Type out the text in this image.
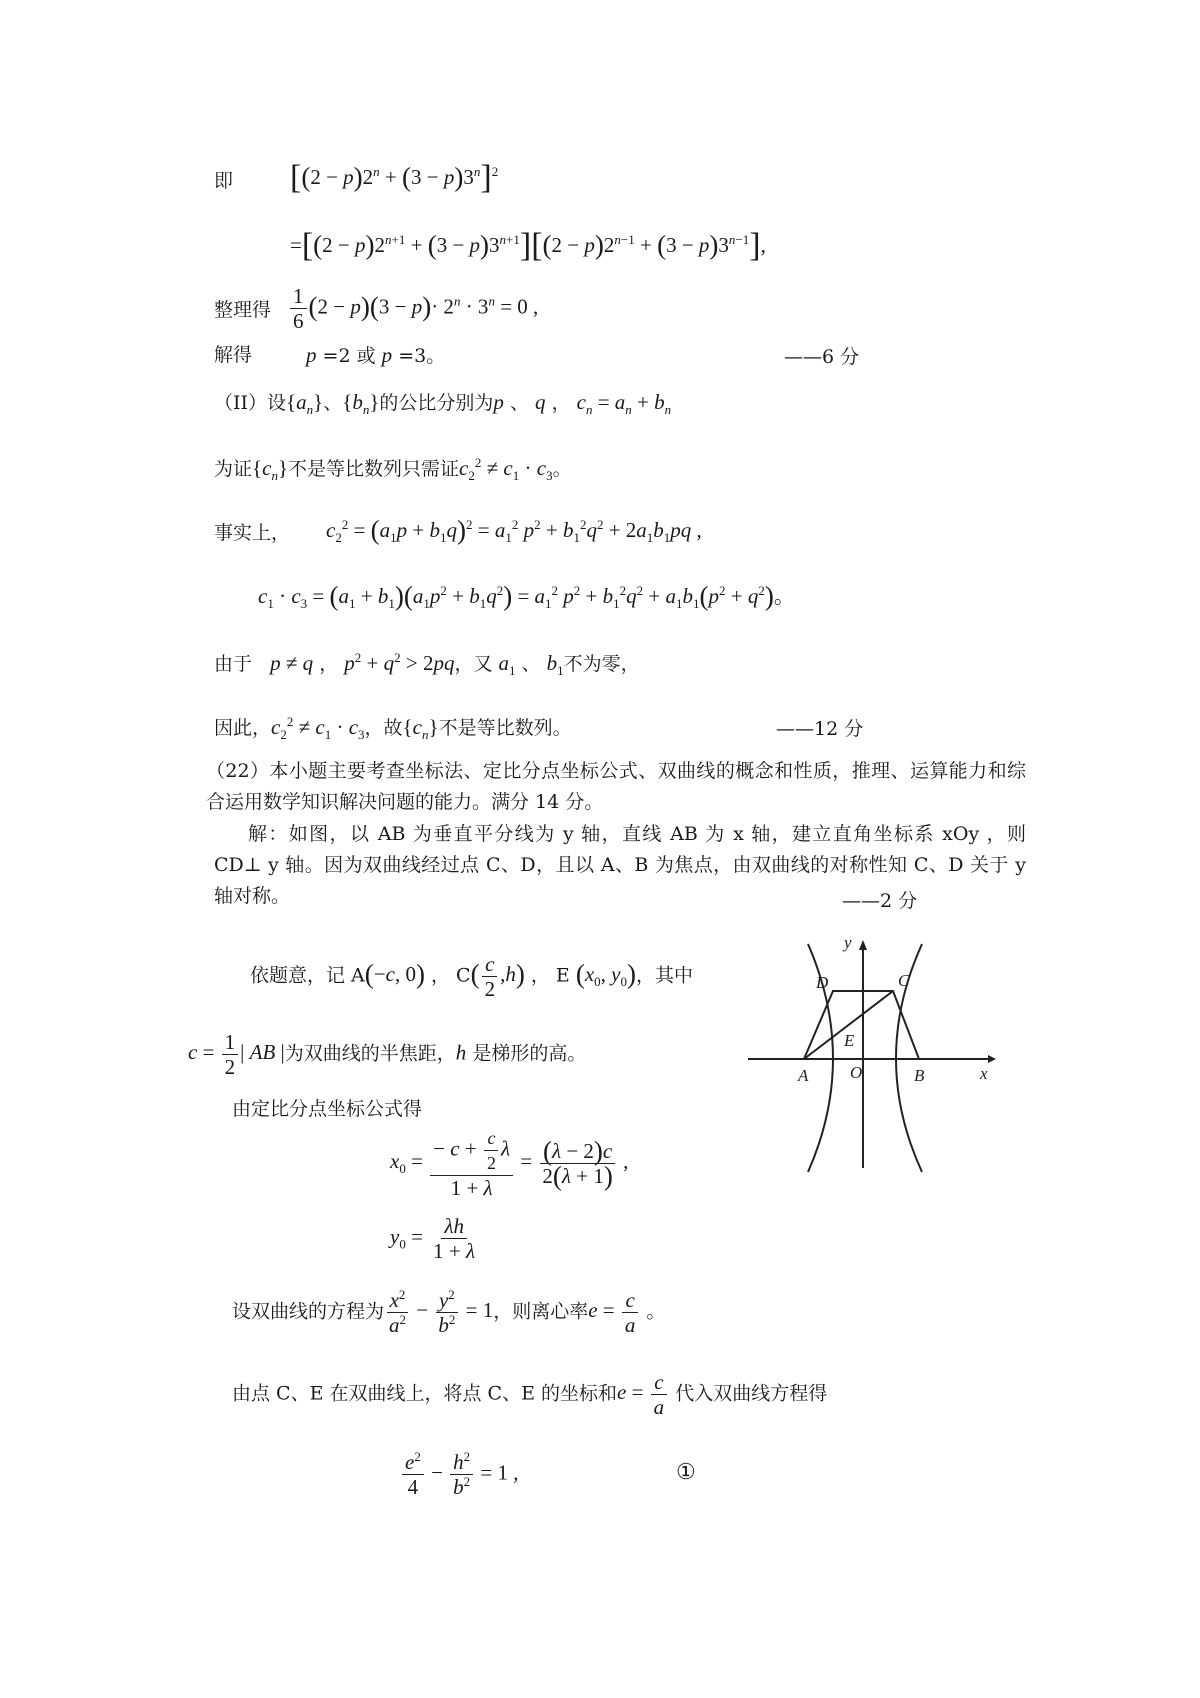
即 $[(2 - p)2^n + (3 - p)3^n]^2$
$=[(2 - p)2^{n+1} + (3 - p)3^{n+1}][(2 - p)2^{n-1} + (3 - p)3^{n-1}]$,
整理得 $\frac{1}{6} (2 - p)(3 - p)\cdot 2^n \cdot 3^n = 0$ ,
解得	p =2 或 p =3。	——6 分
（II）设$\{a_n\}$、$\{b_n\}$的公比分别为p 、 q ， $c_n = a_n + b_n$
为证$\{c_n\}$不是等比数列只需证$c_2^2 \ne c_1 \cdot c_3$。
事实上， $c_2^2 = (a_1p + b_1q)^2 = a_1^2$ $p^2 + b_1^2q^2 + 2a_1b_1pq$ ,
$c_1 \cdot c_3 = (a_1 + b_1)(a_1p^2 + b_1q^2) = a_1^2$ $p^2 + b_1^2q^2 + a_1b_1(p^2 + q^2)$。
由于 p ≠ q ， $p^2 + q^2 > 2pq$，又 $a_1$ 、 $b_1$不为零，
因此，$c_2^2 \ne c_1 \cdot c_3$，故$\{c_n\}$不是等比数列。	——12 分
（22）本小题主要考查坐标法、定比分点坐标公式、双曲线的概念和性质，推理、运算能力和综合运用数学知识解决问题的能力。满分 14 分。
解：如图，以 AB 为垂直平分线为 y 轴，直线 AB 为 x 轴，建立直角坐标系 xOy ，则 CD⊥ y 轴。因为双曲线经过点 C、D，且以 A、B 为焦点，由双曲线的对称性知 C、D 关于 y 轴对称。	——2 分
依题意，记 A(−c, 0) ， $C( \frac{c}{2} ,h)$ ， E ($x_0$, $y_0$)，其中
$c = \frac{1}{2}$ | AB |为双曲线的半焦距，h 是梯形的高。
由定比分点坐标公式得
$x_0 = \frac{- c + \frac{c}{2} \lambda}{1 + \lambda} = \frac{(\lambda - 2)c}{2(\lambda + 1)}$ ,
$y_0 = \frac{\lambda h}{1 + \lambda}$
设双曲线的方程为 $\frac{x^2}{a^2} - \frac{y^2}{b^2} = 1$，则离心率$e = \frac{c}{a}$ 。
由点 C、E 在双曲线上，将点 C、E 的坐标和$e = \frac{c}{a}$ 代入双曲线方程得
$\frac{e^2}{4} - \frac{h^2}{b^2} = 1$ ,	①
y
x
D	C
E
A O	B
